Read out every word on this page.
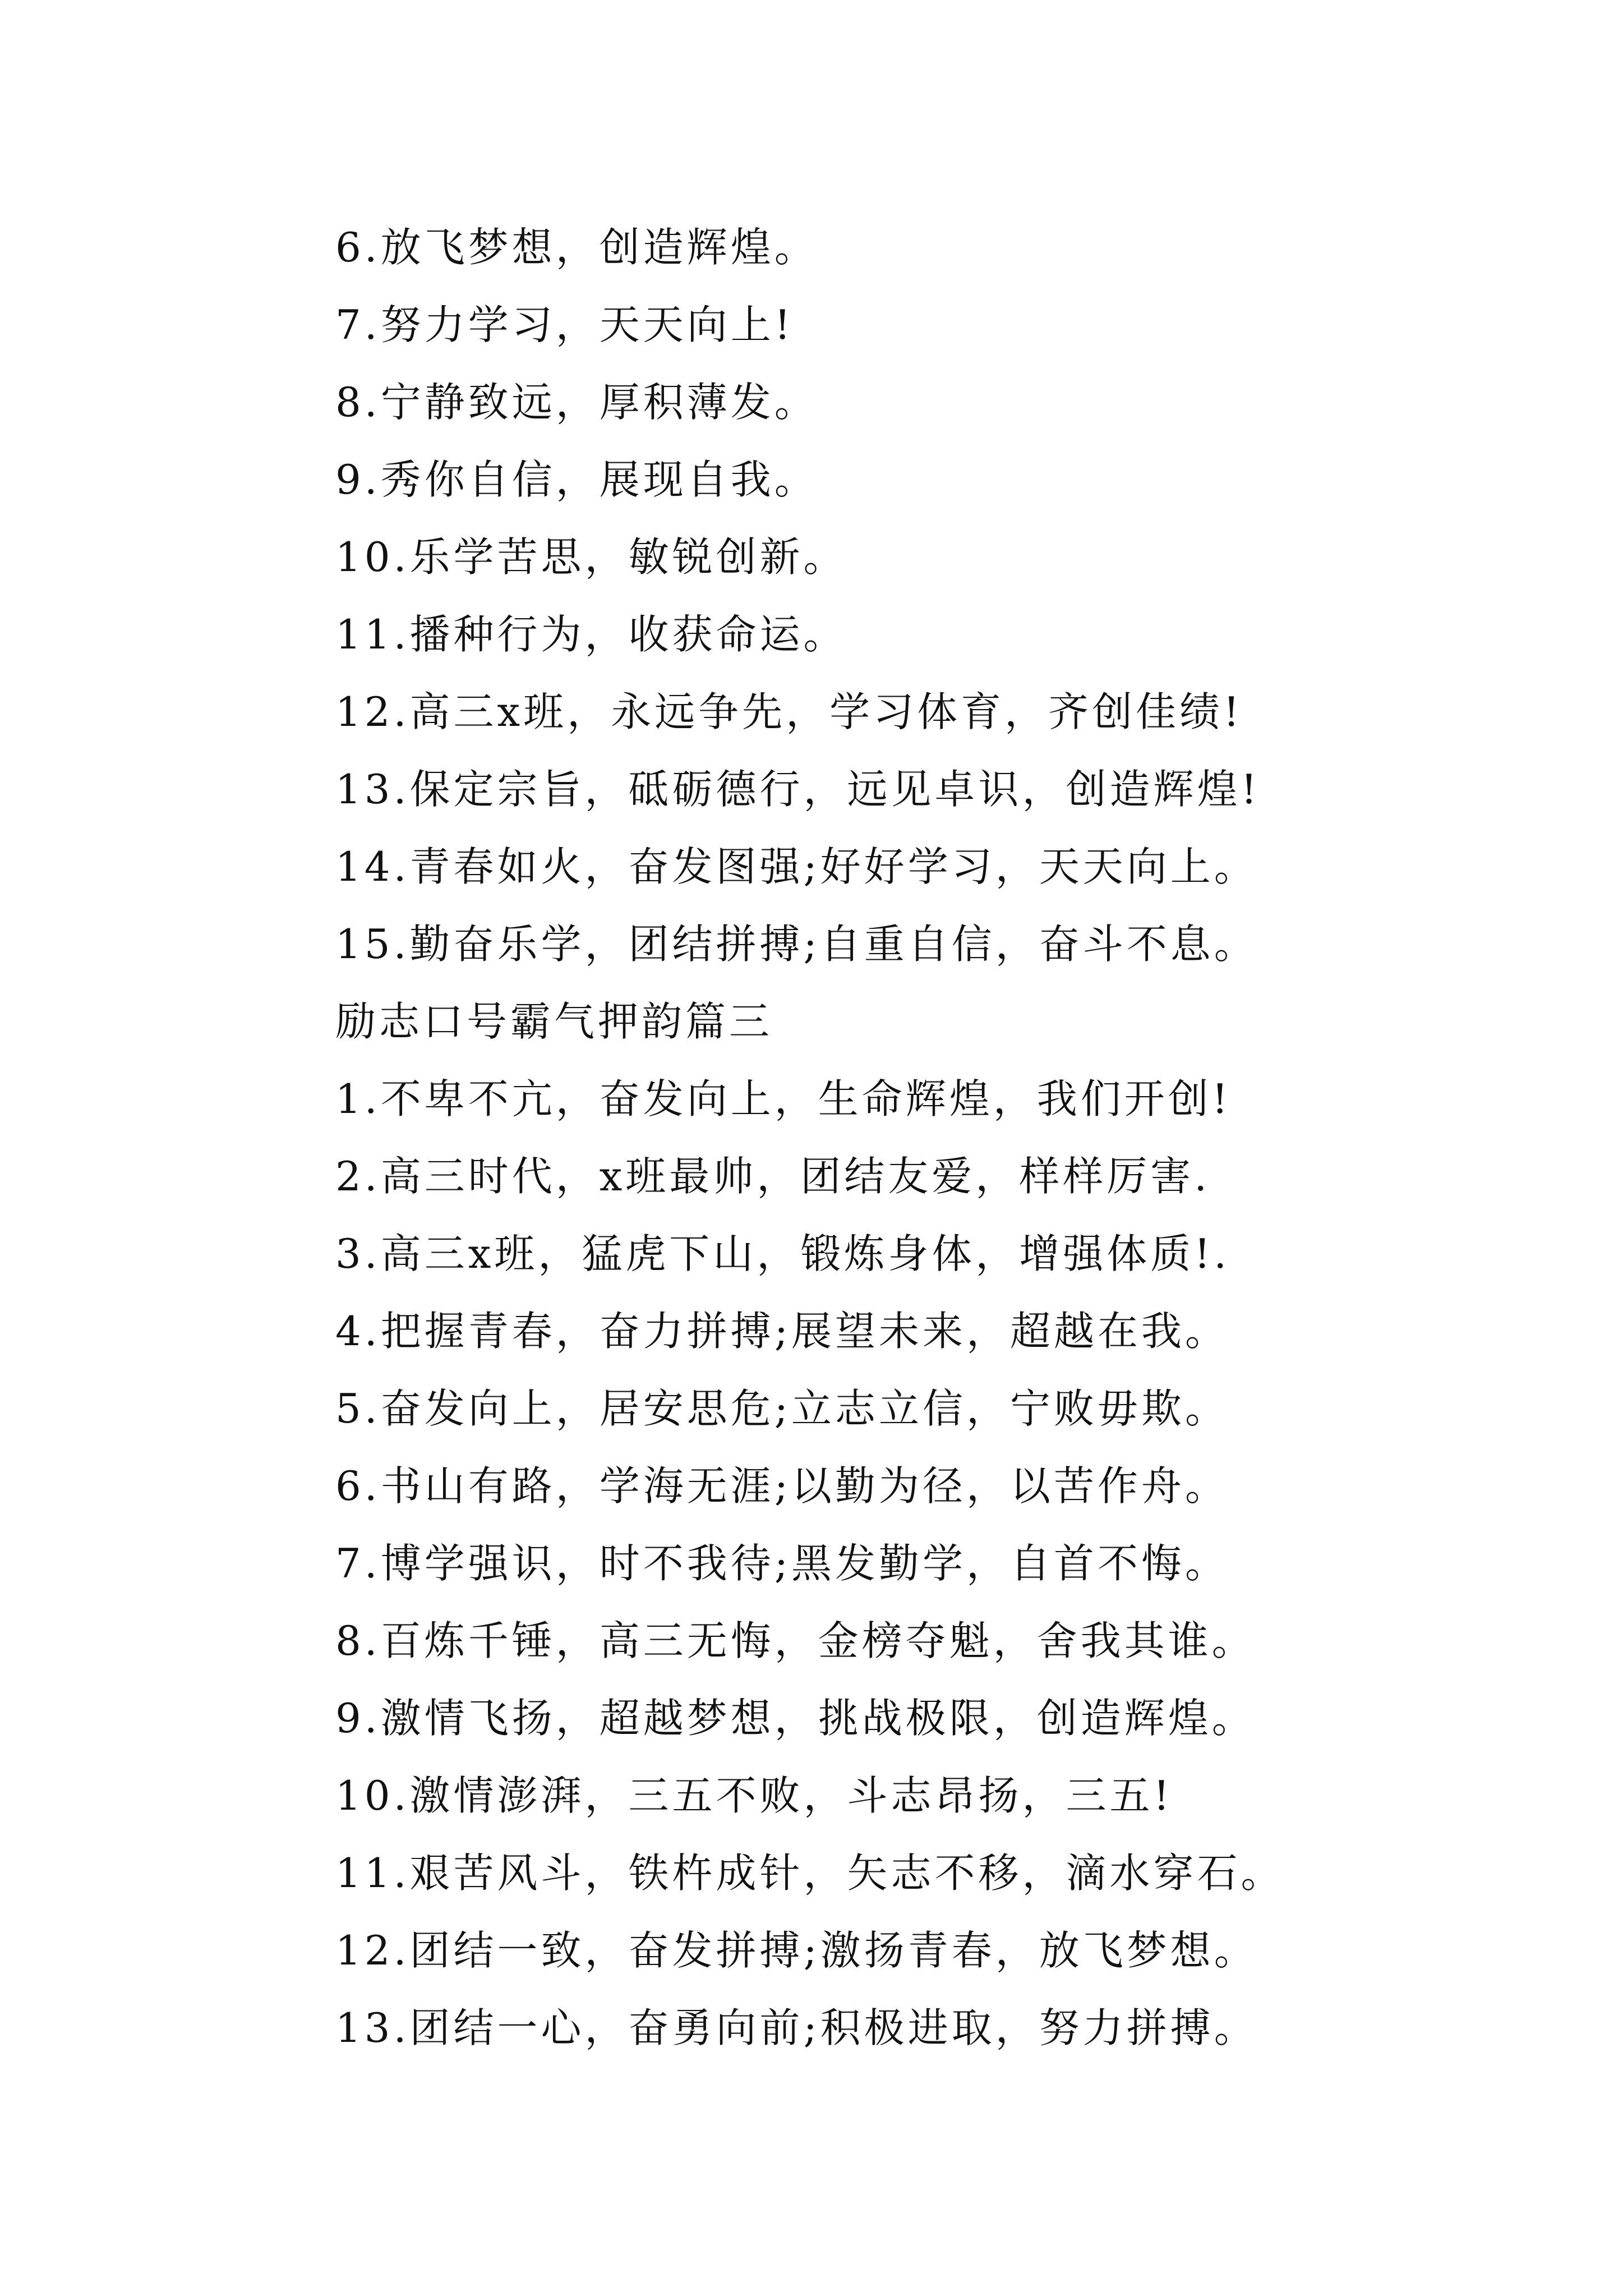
6.放飞梦想，创造辉煌。
7.努力学习，天天向上!
8.宁静致远，厚积薄发。
9.秀你自信，展现自我。
10.乐学苦思，敏锐创新。
11.播种行为，收获命运。
12.高三x班，永远争先，学习体育，齐创佳绩!
13.保定宗旨，砥砺德行，远见卓识，创造辉煌!
14.青春如火，奋发图强;好好学习，天天向上。
15.勤奋乐学，团结拼搏;自重自信，奋斗不息。
励志口号霸气押韵篇三
1.不卑不亢，奋发向上，生命辉煌，我们开创!
2.高三时代，x班最帅，团结友爱，样样厉害.
3.高三x班，猛虎下山，锻炼身体，增强体质!.
4.把握青春，奋力拼搏;展望未来，超越在我。
5.奋发向上，居安思危;立志立信，宁败毋欺。
6.书山有路，学海无涯;以勤为径，以苦作舟。
7.博学强识，时不我待;黑发勤学，自首不悔。
8.百炼千锤，高三无悔，金榜夺魁，舍我其谁。
9.激情飞扬，超越梦想，挑战极限，创造辉煌。
10.激情澎湃，三五不败，斗志昂扬，三五!
11.艰苦风斗，铁杵成针，矢志不移，滴水穿石。
12.团结一致，奋发拼搏;激扬青春，放飞梦想。
13.团结一心，奋勇向前;积极进取，努力拼搏。
